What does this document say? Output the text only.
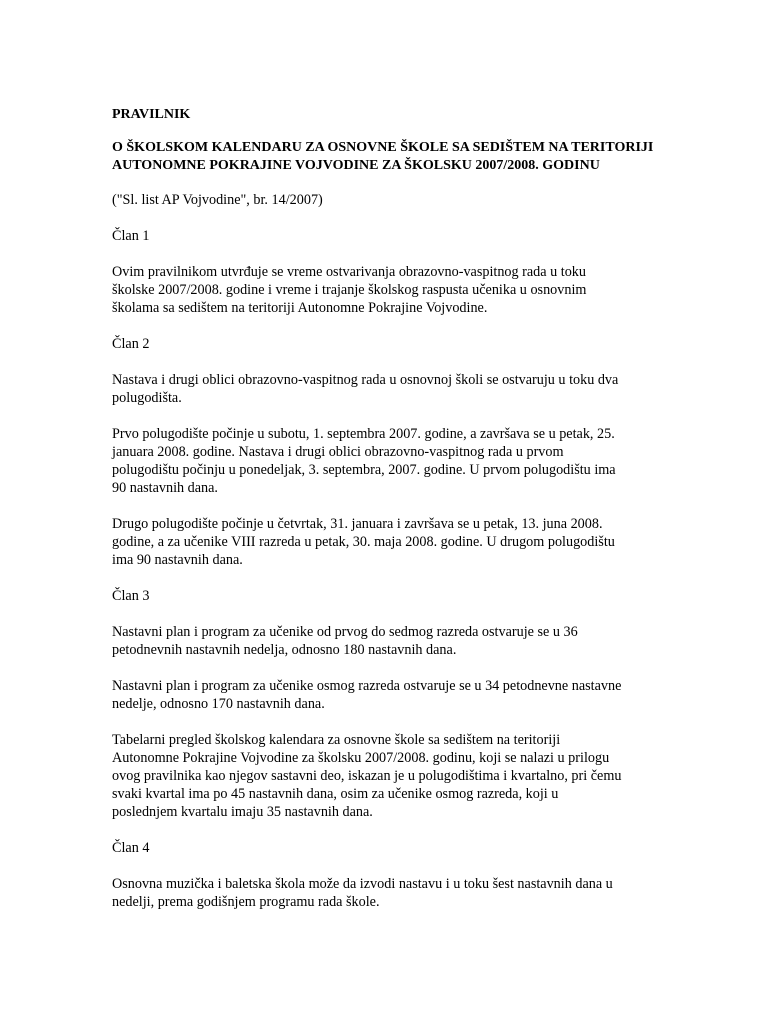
PRAVILNIK

O ŠKOLSKOM KALENDARU ZA OSNOVNE ŠKOLE SA SEDIŠTEM NA TERITORIJI
AUTONOMNE POKRAJINE VOJVODINE ZA ŠKOLSKU 2007/2008. GODINU

("Sl. list AP Vojvodine", br. 14/2007)

Član 1

Ovim pravilnikom utvrđuje se vreme ostvarivanja obrazovno-vaspitnog rada u toku
školske 2007/2008. godine i vreme i trajanje školskog raspusta učenika u osnovnim
školama sa sedištem na teritoriji Autonomne Pokrajine Vojvodine.

Član 2

Nastava i drugi oblici obrazovno-vaspitnog rada u osnovnoj školi se ostvaruju u toku dva
polugodišta.
Prvo polugodište počinje u subotu, 1. septembra 2007. godine, a završava se u petak, 25.
januara 2008. godine. Nastava i drugi oblici obrazovno-vaspitnog rada u prvom
polugodištu počinju u ponedeljak, 3. septembra, 2007. godine. U prvom polugodištu ima
90 nastavnih dana.
Drugo polugodište počinje u četvrtak, 31. januara i završava se u petak, 13. juna 2008.
godine, a za učenike VIII razreda u petak, 30. maja 2008. godine. U drugom polugodištu
ima 90 nastavnih dana.

Član 3

Nastavni plan i program za učenike od prvog do sedmog razreda ostvaruje se u 36
petodnevnih nastavnih nedelja, odnosno 180 nastavnih dana.
Nastavni plan i program za učenike osmog razreda ostvaruje se u 34 petodnevne nastavne
nedelje, odnosno 170 nastavnih dana.
Tabelarni pregled školskog kalendara za osnovne škole sa sedištem na teritoriji
Autonomne Pokrajine Vojvodine za školsku 2007/2008. godinu, koji se nalazi u prilogu
ovog pravilnika kao njegov sastavni deo, iskazan je u polugodištima i kvartalno, pri čemu
svaki kvartal ima po 45 nastavnih dana, osim za učenike osmog razreda, koji u
poslednjem kvartalu imaju 35 nastavnih dana.

Član 4

Osnovna muzička i baletska škola može da izvodi nastavu i u toku šest nastavnih dana u
nedelji, prema godišnjem programu rada škole.
